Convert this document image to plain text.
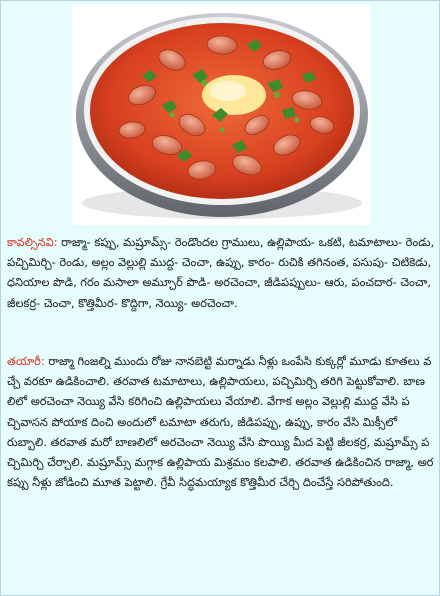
కావల్సినవి: రాజ్మా- కప్పు, మష్రూమ్స్- రెండొందల గ్రాములు, ఉల్లిపాయ- ఒకటి, టమాటాలు- రెండు, పచ్చిమిర్చి- రెండు, అల్లం వెల్లుల్లి ముద్ద- చెంచా, ఉప్పు, కారం- రుచికి తగినంత, పసుపు- చిటికెడు, ధనియాల పొడి, గరం మసాలా అమ్చూర్ పొడి- అరచెంచా, జీడిపప్పులు- ఆరు, పంచదార- చెంచా, జీలకర్ర- చెంచా, కొత్తిమీర- కొద్దిగా, నెయ్యి- అరచెంచా.

తయారీ: రాజ్మా గింజల్ని ముందు రోజు నానబెట్టి మర్నాడు నీళ్లు ఒంపేసి కుక్కర్లో మూడు కూతలు వచ్చే వరకూ ఉడికించాలి. తరవాత టమాటాలు, ఉల్లిపాయలు, పచ్చిమిర్చి తరిగి పెట్టుకోవాలి. బాణలిలో అరచెంచా నెయ్యి వేసి కరిగించి ఉల్లిపాయలు వేయాలి. వేగాక అల్లం వెల్లుల్లి ముద్ద వేసి పచ్చివాసన పోయాక దించి అందులో టమాటా తరుగు, జీడిపప్పు, ఉప్పు, కారం వేసి మిక్సీలో రుబ్బాలి. తరవాత మరో బాణలిలో అరచెంచా నెయ్యి వేసి పొయ్యి మీద పెట్టి జీలకర్ర, మష్రూమ్స్ పచ్చిమిర్చి చేర్చాలి. మష్రూమ్స్ మగ్గాక ఉల్లిపాయ మిశ్రమం కలపాలి. తరవాత ఉడికించిన రాజ్మా, అరకప్పు నీళ్లు జోడించి మూత పెట్టాలి. గ్రేవీ సిద్ధమయ్యాక కొత్తిమీర చేర్చి దించేస్తే సరిపోతుంది.
